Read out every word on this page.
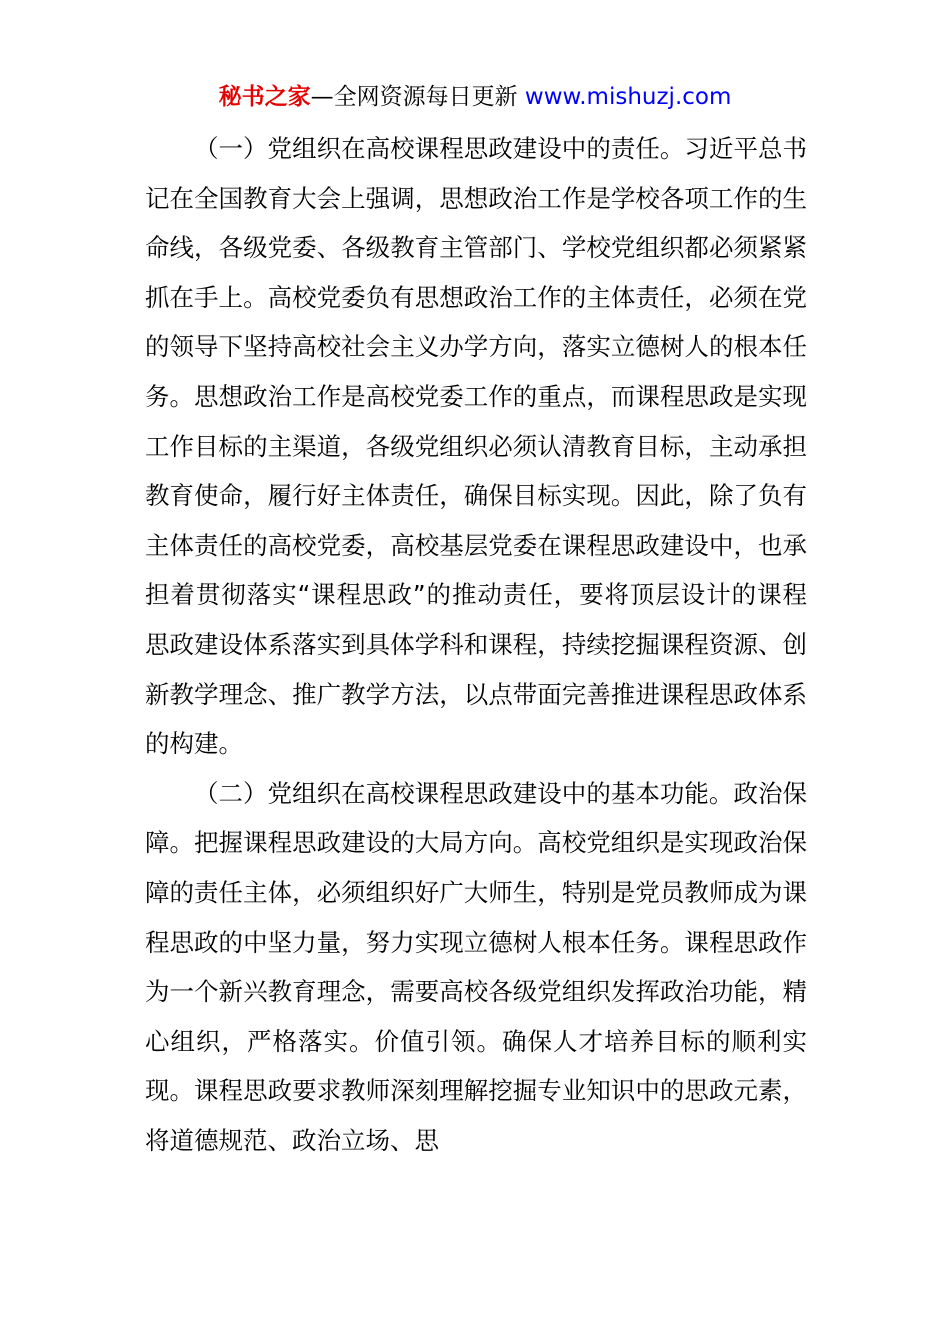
秘书之家—全网资源每日更新 www.mishuzj.com

（一）党组织在高校课程思政建设中的责任。习近平总书记在全国教育大会上强调，思想政治工作是学校各项工作的生命线，各级党委、各级教育主管部门、学校党组织都必须紧紧抓在手上。高校党委负有思想政治工作的主体责任，必须在党的领导下坚持高校社会主义办学方向，落实立德树人的根本任务。思想政治工作是高校党委工作的重点，而课程思政是实现工作目标的主渠道，各级党组织必须认清教育目标，主动承担教育使命，履行好主体责任，确保目标实现。因此，除了负有主体责任的高校党委，高校基层党委在课程思政建设中，也承担着贯彻落实“课程思政”的推动责任，要将顶层设计的课程思政建设体系落实到具体学科和课程，持续挖掘课程资源、创新教学理念、推广教学方法，以点带面完善推进课程思政体系的构建。

（二）党组织在高校课程思政建设中的基本功能。政治保障。把握课程思政建设的大局方向。高校党组织是实现政治保障的责任主体，必须组织好广大师生，特别是党员教师成为课程思政的中坚力量，努力实现立德树人根本任务。课程思政作为一个新兴教育理念，需要高校各级党组织发挥政治功能，精心组织，严格落实。价值引领。确保人才培养目标的顺利实现。课程思政要求教师深刻理解挖掘专业知识中的思政元素，将道德规范、政治立场、思
